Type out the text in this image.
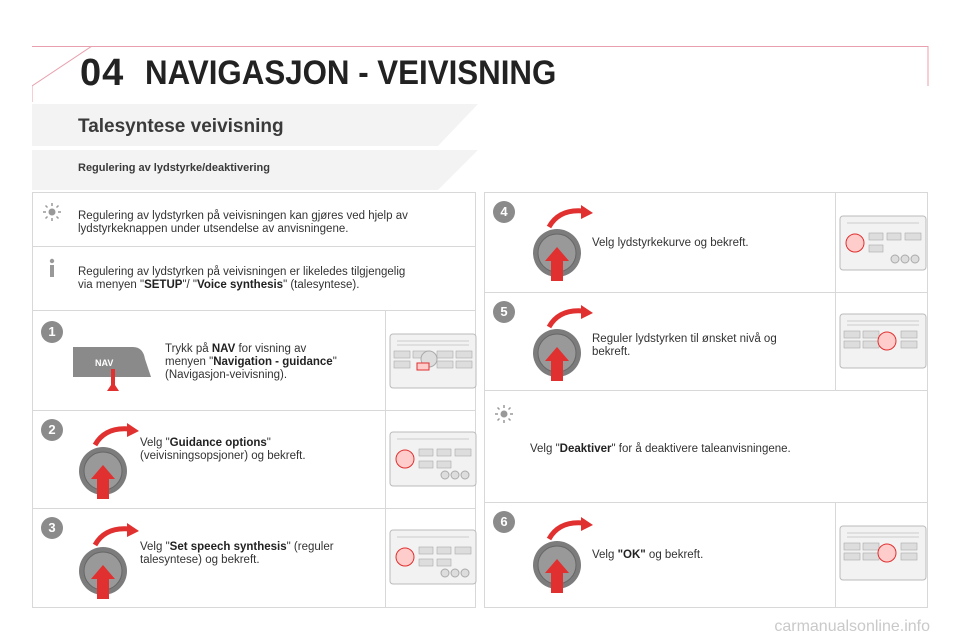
04 NAVIGASJON - VEIVISNING
Talesyntese veivisning
Regulering av lydstyrke/deaktivering
Regulering av lydstyrken på veivisningen kan gjøres ved hjelp av
lydstyrkeknappen under utsendelse av anvisningene.
Regulering av lydstyrken på veivisningen er likeledes tilgjengelig
via menyen "SETUP"/ "Voice synthesis" (talesyntese).
1
NAV
Trykk på NAV for visning av
menyen "Navigation - guidance"
(Navigasjon-veivisning).
2
Velg "Guidance options"
(veivisningsopsjoner) og bekreft.
3
Velg "Set speech synthesis" (reguler
talesyntese) og bekreft.
4
Velg lydstyrkekurve og bekreft.
5
Reguler lydstyrken til ønsket nivå og
bekreft.
Velg "Deaktiver" for å deaktivere taleanvisningene.
6
Velg "OK" og bekreft.
carmanualsonline.info
